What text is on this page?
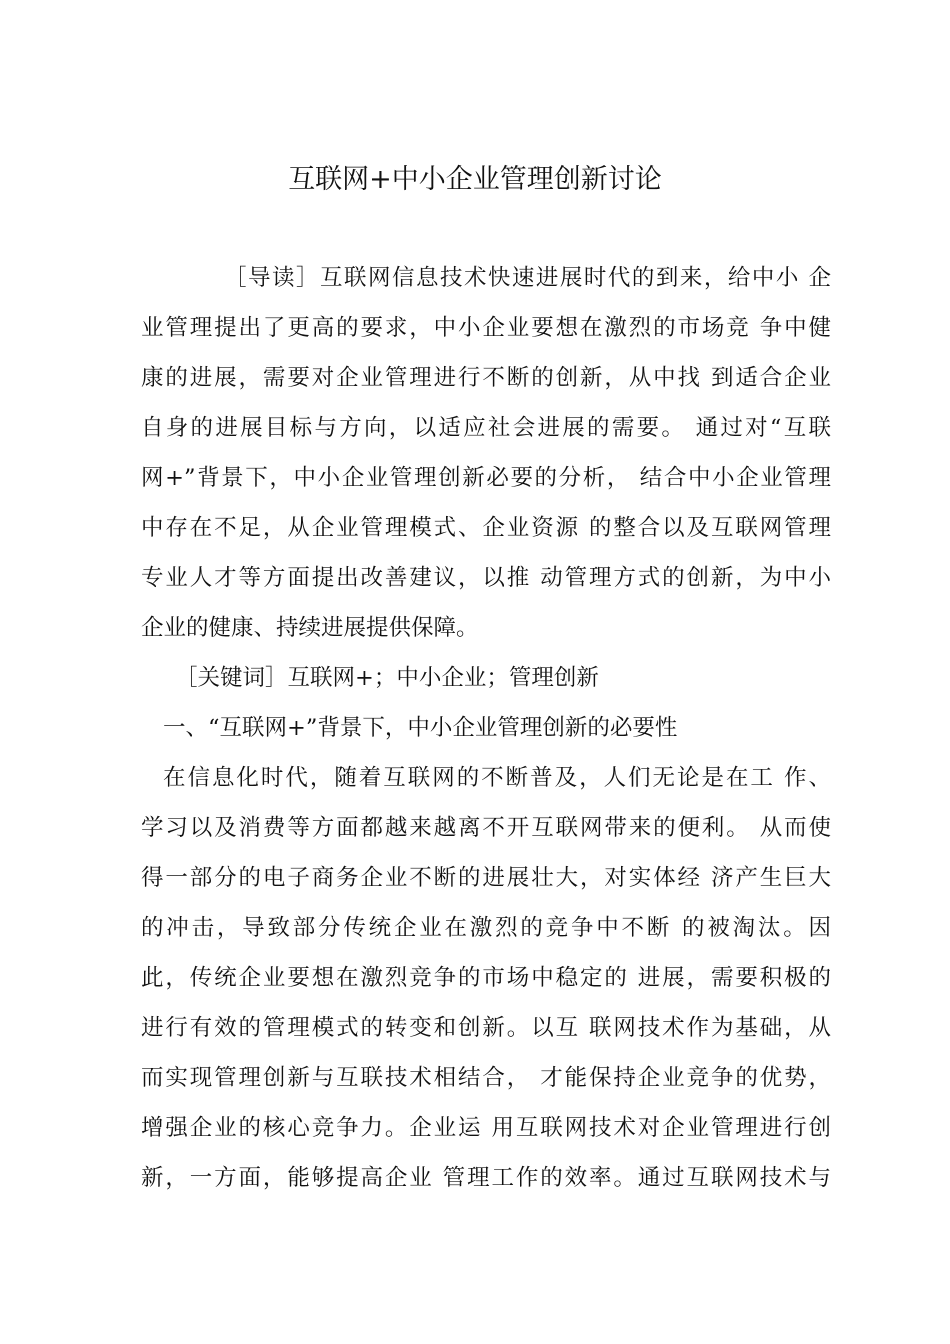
互联网+中小企业管理创新讨论
［导读］互联网信息技术快速进展时代的到来，给中小 企
业管理提出了更高的要求，中小企业要想在激烈的市场竞 争中健
康的进展，需要对企业管理进行不断的创新，从中找 到适合企业
自身的进展目标与方向，以适应社会进展的需要。 通过对“互联
网+”背景下，中小企业管理创新必要的分析， 结合中小企业管理
中存在不足，从企业管理模式、企业资源 的整合以及互联网管理
专业人才等方面提出改善建议，以推 动管理方式的创新，为中小
企业的健康、持续进展提供保障。
［关键词］互联网+；中小企业；管理创新
一、“互联网+”背景下，中小企业管理创新的必要性
在信息化时代，随着互联网的不断普及，人们无论是在工 作、
学习以及消费等方面都越来越离不开互联网带来的便利。 从而使
得一部分的电子商务企业不断的进展壮大，对实体经 济产生巨大
的冲击，导致部分传统企业在激烈的竞争中不断 的被淘汰。因
此，传统企业要想在激烈竞争的市场中稳定的 进展，需要积极的
进行有效的管理模式的转变和创新。以互 联网技术作为基础，从
而实现管理创新与互联技术相结合， 才能保持企业竞争的优势，
增强企业的核心竞争力。企业运 用互联网技术对企业管理进行创
新，一方面，能够提高企业 管理工作的效率。通过互联网技术与
